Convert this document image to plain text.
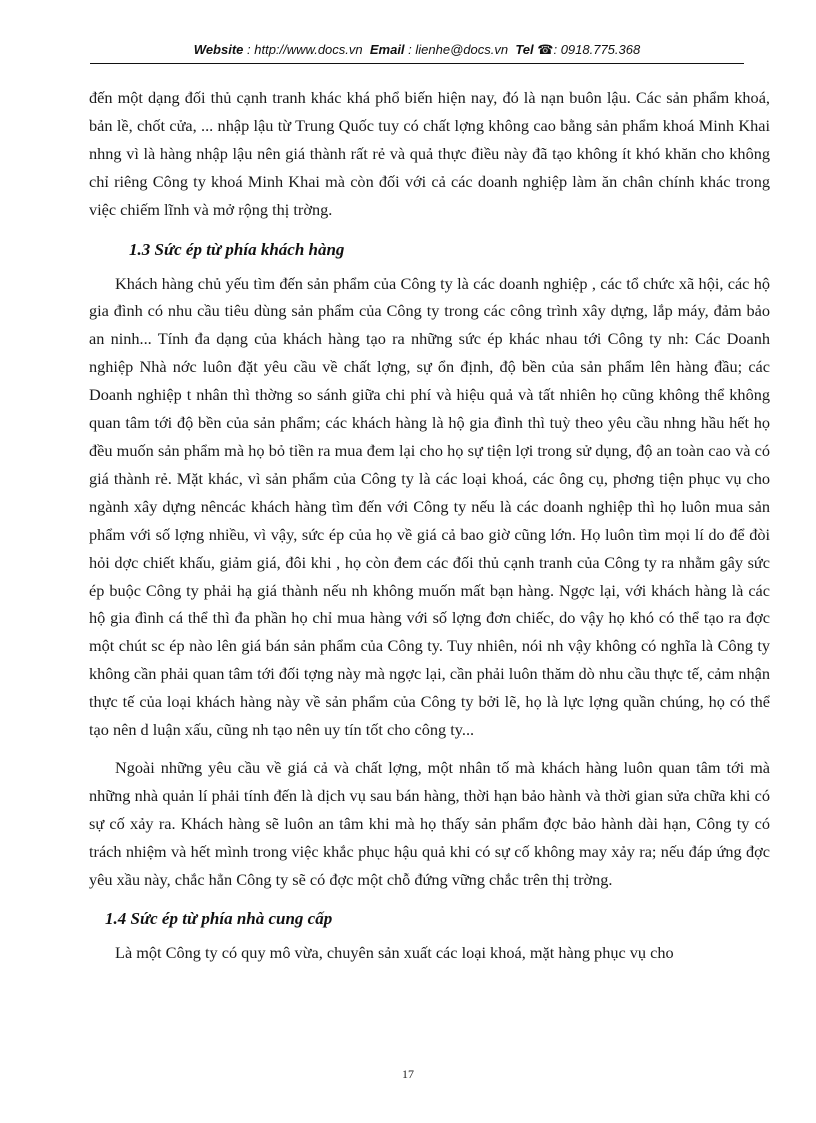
Website : http://www.docs.vn Email : lienhe@docs.vn Tel ☎: 0918.775.368

đến một dạng đối thủ cạnh tranh khác khá phổ biến hiện nay, đó là nạn buôn lậu. Các sản phẩm khoá, bản lề, chốt cửa, ... nhập lậu từ Trung Quốc tuy có chất lợng không cao bằng sản phẩm khoá Minh Khai nhng vì là hàng nhập lậu nên giá thành rất rẻ và quả thực điều này đã tạo không ít khó khăn cho không chỉ riêng Công ty khoá Minh Khai mà còn đối với cả các doanh nghiệp làm ăn chân chính khác trong việc chiếm lĩnh và mở rộng thị trờng.

1.3 Sức ép từ phía khách hàng

Khách hàng chủ yếu tìm đến sản phẩm của Công ty là các doanh nghiệp , các tổ chức xã hội, các hộ gia đình có nhu cầu tiêu dùng sản phẩm của Công ty trong các công trình xây dựng, lắp máy, đảm bảo an ninh... Tính đa dạng của khách hàng tạo ra những sức ép khác nhau tới Công ty nh: Các Doanh nghiệp Nhà nớc luôn đặt yêu cầu về chất lợng, sự ổn định, độ bền của sản phẩm lên hàng đầu; các Doanh nghiệp t nhân thì thờng so sánh giữa chi phí và hiệu quả và tất nhiên họ cũng không thể không quan tâm tới độ bền của sản phẩm; các khách hàng là hộ gia đình thì tuỳ theo yêu cầu nhng hầu hết họ đều muốn sản phẩm mà họ bỏ tiền ra mua đem lại cho họ sự tiện lợi trong sử dụng, độ an toàn cao và có giá thành rẻ. Mặt khác, vì sản phẩm của Công ty là các loại khoá, các ông cụ, phơng tiện phục vụ cho ngành xây dựng nêncác khách hàng tìm đến với Công ty nếu là các doanh nghiệp thì họ luôn mua sản phẩm với số lợng nhiều, vì vậy, sức ép của họ về giá cả bao giờ cũng lớn. Họ luôn tìm mọi lí do để đòi hỏi dợc chiết khấu, giảm giá, đôi khi , họ còn đem các đối thủ cạnh tranh của Công ty ra nhằm gây sức ép buộc Công ty phải hạ giá thành nếu nh không muốn mất bạn hàng. Ngợc lại, với khách hàng là các hộ gia đình cá thể thì đa phần họ chỉ mua hàng với số lợng đơn chiếc, do vậy họ khó có thể tạo ra đợc một chút sc ép nào lên giá bán sản phẩm của Công ty. Tuy nhiên, nói nh vậy không có nghĩa là Công ty không cần phải quan tâm tới đối tợng này mà ngợc lại, cần phải luôn thăm dò nhu cầu thực tế, cảm nhận thực tế của loại khách hàng này về sản phẩm của Công ty bởi lẽ, họ là lực lợng quần chúng, họ có thể tạo nên d luận xấu, cũng nh tạo nên uy tín tốt cho công ty...

Ngoài những yêu cầu về giá cả và chất lợng, một nhân tố mà khách hàng luôn quan tâm tới mà những nhà quản lí phải tính đến là dịch vụ sau bán hàng, thời hạn bảo hành và thời gian sửa chữa khi có sự cố xảy ra. Khách hàng sẽ luôn an tâm khi mà họ thấy sản phẩm đợc bảo hành dài hạn, Công ty có trách nhiệm và hết mình trong việc khắc phục hậu quả khi có sự cố không may xảy ra; nếu đáp ứng đợc yêu xầu này, chắc hẳn Công ty sẽ có đợc một chỗ đứng vững chắc trên thị trờng.

1.4 Sức ép từ phía nhà cung cấp

Là một Công ty có quy mô vừa, chuyên sản xuất các loại khoá, mặt hàng phục vụ cho

17
